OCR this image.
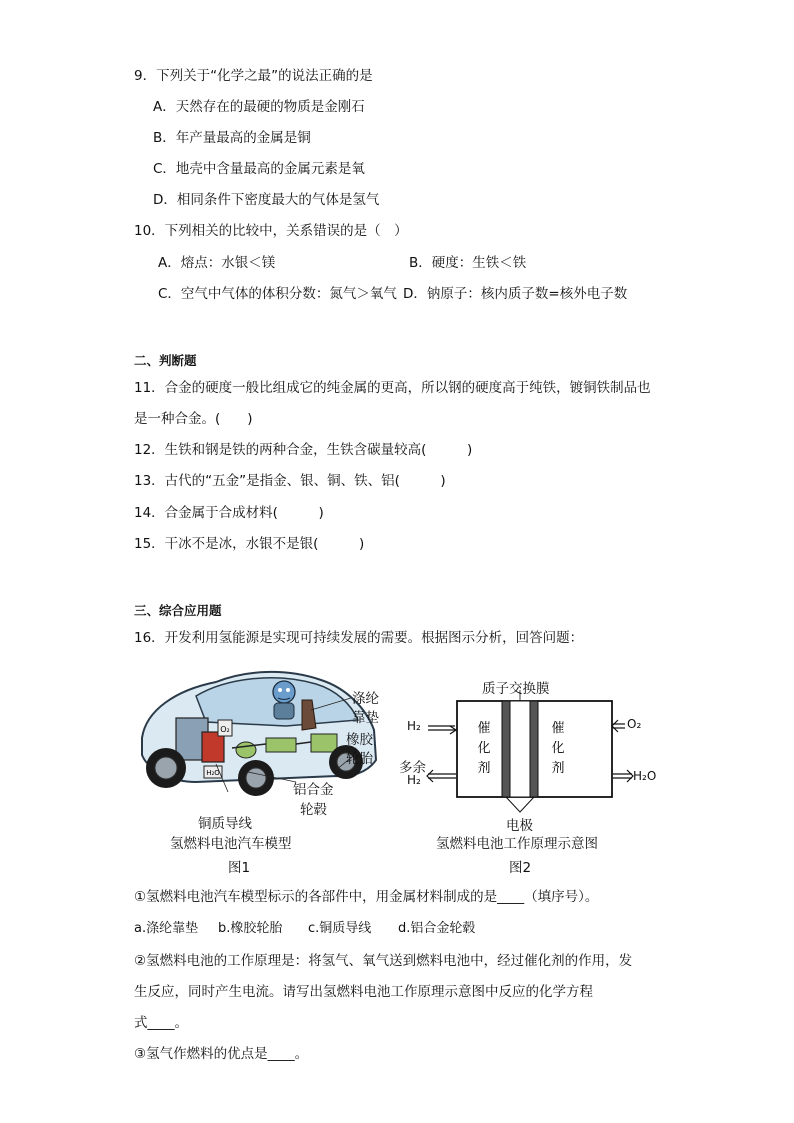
9．下列关于“化学之最”的说法正确的是
A．天然存在的最硬的物质是金刚石
B．年产量最高的金属是铜
C．地壳中含量最高的金属元素是氧
D．相同条件下密度最大的气体是氢气
10．下列相关的比较中，关系错误的是（　）
A．熔点：水银＜镁	B．硬度：生铁＜铁
C．空气中气体的体积分数：氮气＞氧气 D．钠原子：核内质子数=核外电子数
二、判断题
11．合金的硬度一般比组成它的纯金属的更高，所以钢的硬度高于纯铁，镀铜铁制品也
是一种合金。(　　)
12．生铁和钢是铁的两种合金，生铁含碳量较高(　　　)
13．古代的“五金”是指金、银、铜、铁、铝(　　　)
14．合金属于合成材料(　　　)
15．干冰不是冰，水银不是银(　　　)
三、综合应用题
16．开发利用氢能源是实现可持续发展的需要。根据图示分析，回答问题：
O₂
H₂O
涤纶
靠垫
橡胶
轮胎
铝合金
轮毂
铜质导线
氢燃料电池汽车模型
图1
质子交换膜
催
化
剂
催
化
剂
H₂
多余
H₂
O₂
H₂O
电极
氢燃料电池工作原理示意图
图2
①氢燃料电池汽车模型标示的各部件中，用金属材料制成的是____（填序号）。
a.涤纶靠垫 b.橡胶轮胎 c.铜质导线 d.铝合金轮毂
②氢燃料电池的工作原理是：将氢气、氧气送到燃料电池中，经过催化剂的作用，发
生反应，同时产生电流。请写出氢燃料电池工作原理示意图中反应的化学方程
式____。
③氢气作燃料的优点是____。
